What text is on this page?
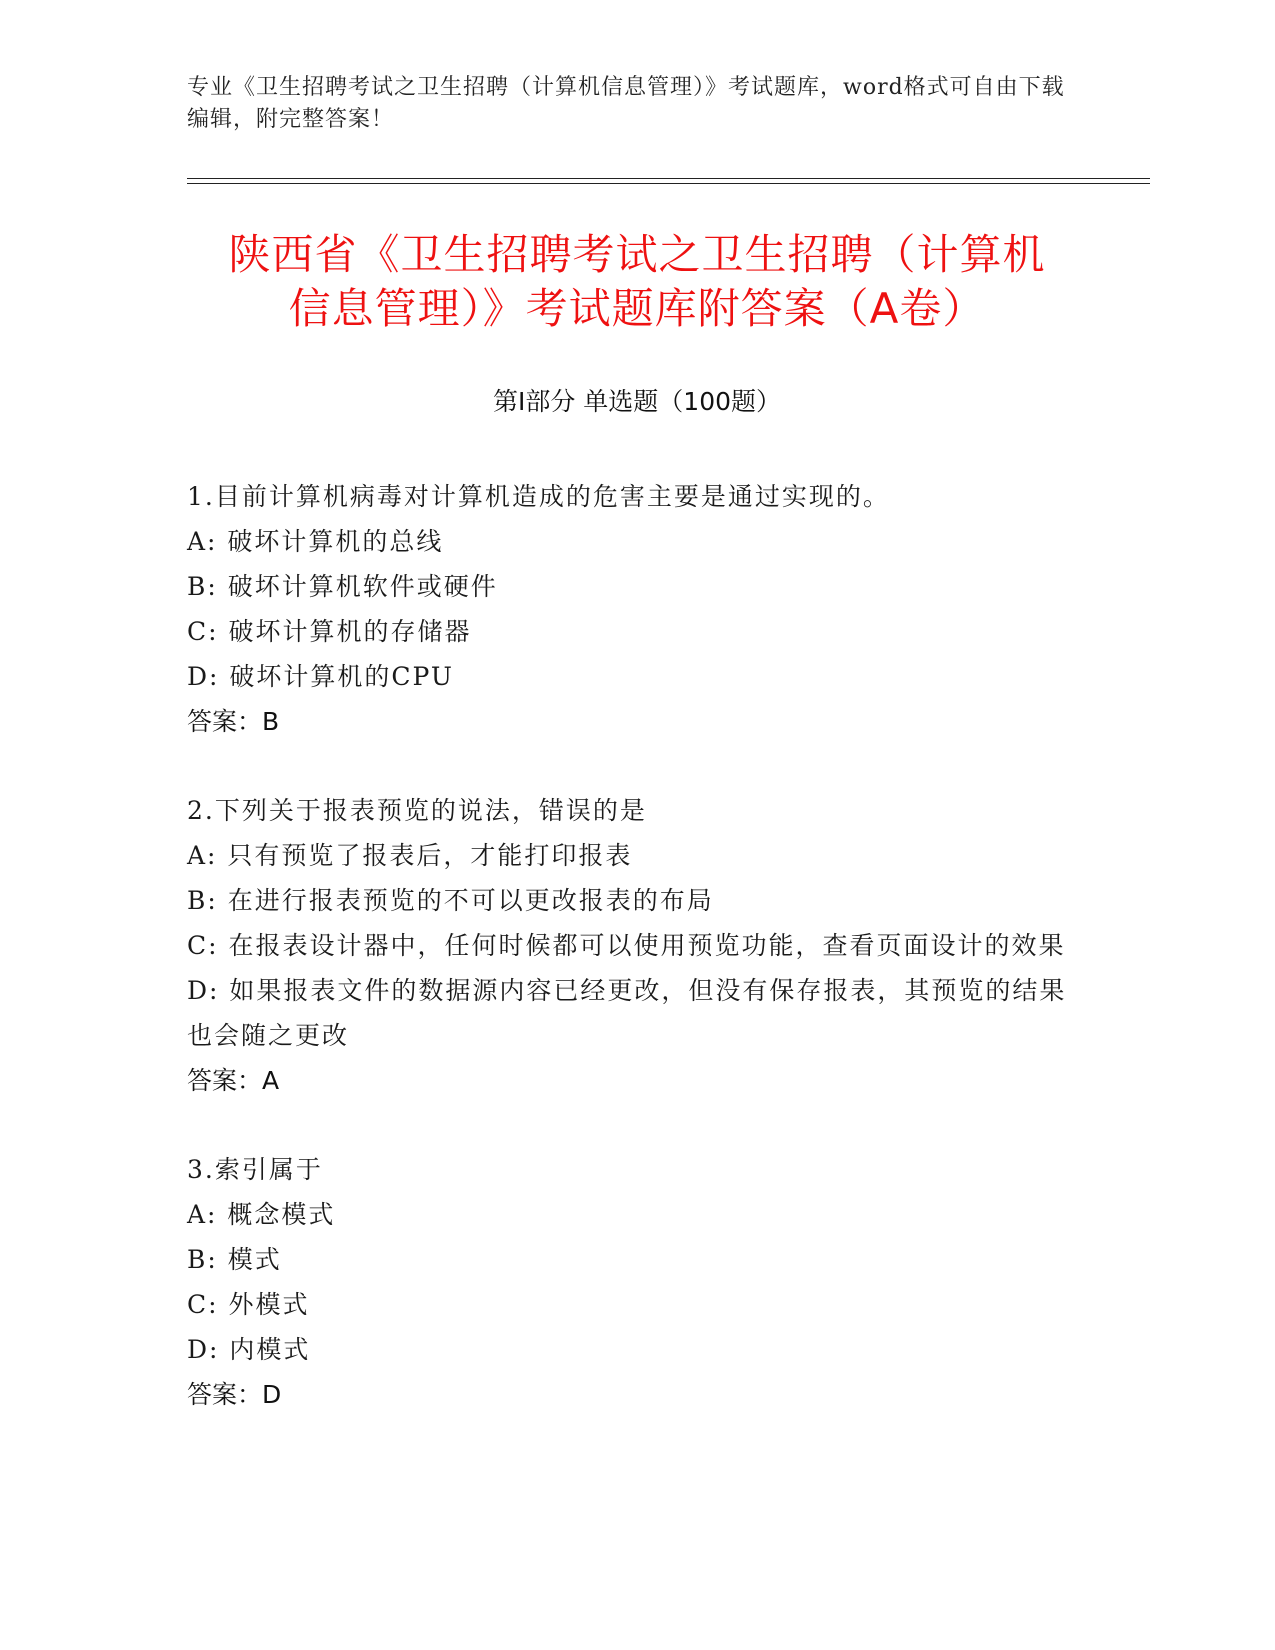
专业《卫生招聘考试之卫生招聘（计算机信息管理）》考试题库，word格式可自由下载编辑，附完整答案！
陕西省《卫生招聘考试之卫生招聘（计算机
信息管理）》考试题库附答案（A卷）
第I部分 单选题（100题）
1.目前计算机病毒对计算机造成的危害主要是通过实现的。
A: 破坏计算机的总线
B: 破坏计算机软件或硬件
C: 破坏计算机的存储器
D: 破坏计算机的CPU
答案：B
2.下列关于报表预览的说法，错误的是
A: 只有预览了报表后，才能打印报表
B: 在进行报表预览的不可以更改报表的布局
C: 在报表设计器中，任何时候都可以使用预览功能，查看页面设计的效果
D: 如果报表文件的数据源内容已经更改，但没有保存报表，其预览的结果也会随之更改
答案：A
3.索引属于
A: 概念模式
B: 模式
C: 外模式
D: 内模式
答案：D
